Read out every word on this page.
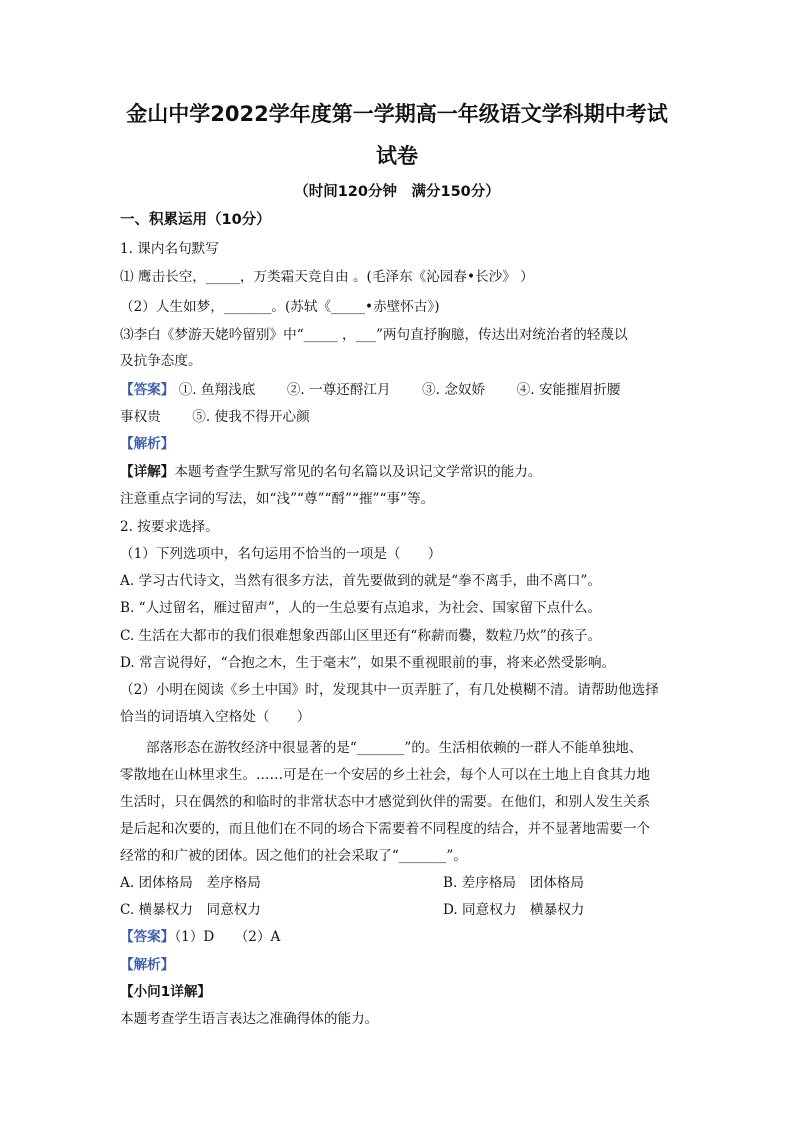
金山中学2022学年度第一学期高一年级语文学科期中考试
试卷
（时间120分钟　满分150分）
一、积累运用（10分）
1. 课内名句默写
⑴ 鹰击长空，_____，万类霜天竞自由 。(毛泽东《沁园春•长沙》 ）
（2）人生如梦，_______。(苏轼《_____•赤壁怀古》)
⑶李白《梦游天姥吟留别》中“_____ ，___”两句直抒胸臆，传达出对统治者的轻蔑以
及抗争态度。
【答案】 ①. 鱼翔浅底　　 ②. 一尊还酹江月　　 ③. 念奴娇　　 ④. 安能摧眉折腰
事权贵　　 ⑤. 使我不得开心颜
【解析】
【详解】本题考查学生默写常见的名句名篇以及识记文学常识的能力。
注意重点字词的写法，如“浅”“尊”“酹”“摧”“事”等。
2. 按要求选择。
（1）下列选项中，名句运用不恰当的一项是（　　）
A. 学习古代诗文，当然有很多方法，首先要做到的就是“拳不离手，曲不离口”。
B. “人过留名，雁过留声”，人的一生总要有点追求，为社会、国家留下点什么。
C. 生活在大都市的我们很难想象西部山区里还有“称薪而爨，数粒乃炊”的孩子。
D. 常言说得好，“合抱之木，生于毫末”，如果不重视眼前的事，将来必然受影响。
（2）小明在阅读《乡土中国》时，发现其中一页弄脏了，有几处模糊不清。请帮助他选择
恰当的词语填入空格处（　　）
部落形态在游牧经济中很显著的是“_______”的。生活相依赖的一群人不能单独地、
零散地在山林里求生。……可是在一个安居的乡土社会，每个人可以在土地上自食其力地
生活时，只在偶然的和临时的非常状态中才感觉到伙伴的需要。在他们，和别人发生关系
是后起和次要的，而且他们在不同的场合下需要着不同程度的结合，并不显著地需要一个
经常的和广被的团体。因之他们的社会采取了“_______”。
A. 团体格局　差序格局	B. 差序格局　团体格局
C. 横暴权力　同意权力	D. 同意权力　横暴权力
【答案】（1）D　　（2）A
【解析】
【小问1详解】
本题考查学生语言表达之准确得体的能力。
